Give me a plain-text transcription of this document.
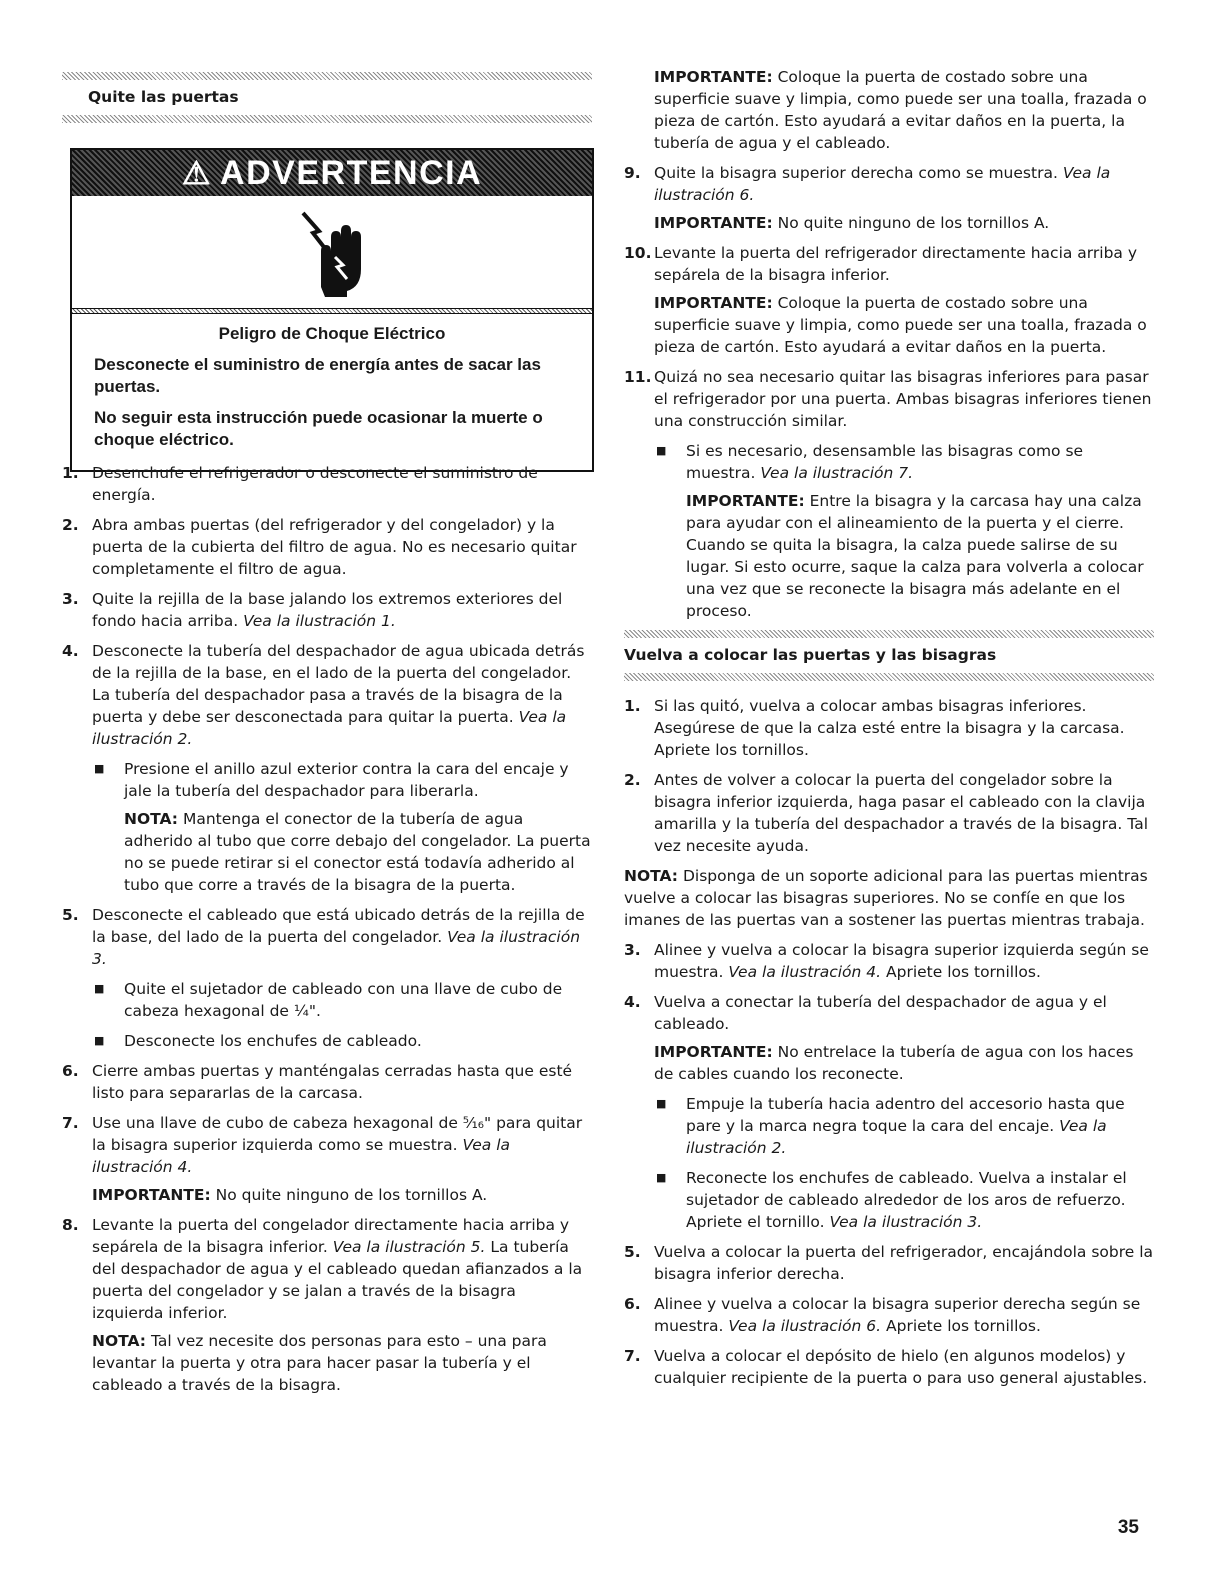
Quite las puertas
⚠ ADVERTENCIA
Peligro de Choque Eléctrico

Desconecte el suministro de energía antes de sacar las puertas.

No seguir esta instrucción puede ocasionar la muerte o choque eléctrico.

1. Desenchufe el refrigerador o desconecte el suministro de energía.
2. Abra ambas puertas (del refrigerador y del congelador) y la puerta de la cubierta del filtro de agua. No es necesario quitar completamente el filtro de agua.
3. Quite la rejilla de la base jalando los extremos exteriores del fondo hacia arriba. Vea la ilustración 1.
4. Desconecte la tubería del despachador de agua ubicada detrás de la rejilla de la base, en el lado de la puerta del congelador. La tubería del despachador pasa a través de la bisagra de la puerta y debe ser desconectada para quitar la puerta. Vea la ilustración 2.
■ Presione el anillo azul exterior contra la cara del encaje y jale la tubería del despachador para liberarla.
NOTA: Mantenga el conector de la tubería de agua adherido al tubo que corre debajo del congelador. La puerta no se puede retirar si el conector está todavía adherido al tubo que corre a través de la bisagra de la puerta.
5. Desconecte el cableado que está ubicado detrás de la rejilla de la base, del lado de la puerta del congelador. Vea la ilustración 3.
■ Quite el sujetador de cableado con una llave de cubo de cabeza hexagonal de ¼".
■ Desconecte los enchufes de cableado.
6. Cierre ambas puertas y manténgalas cerradas hasta que esté listo para separarlas de la carcasa.
7. Use una llave de cubo de cabeza hexagonal de ⁵⁄₁₆" para quitar la bisagra superior izquierda como se muestra. Vea la ilustración 4.
IMPORTANTE: No quite ninguno de los tornillos A.
8. Levante la puerta del congelador directamente hacia arriba y sepárela de la bisagra inferior. Vea la ilustración 5. La tubería del despachador de agua y el cableado quedan afianzados a la puerta del congelador y se jalan a través de la bisagra izquierda inferior.
NOTA: Tal vez necesite dos personas para esto – una para levantar la puerta y otra para hacer pasar la tubería y el cableado a través de la bisagra.
IMPORTANTE: Coloque la puerta de costado sobre una superficie suave y limpia, como puede ser una toalla, frazada o pieza de cartón. Esto ayudará a evitar daños en la puerta, la tubería de agua y el cableado.
9. Quite la bisagra superior derecha como se muestra. Vea la ilustración 6.
IMPORTANTE: No quite ninguno de los tornillos A.
10. Levante la puerta del refrigerador directamente hacia arriba y sepárela de la bisagra inferior.
IMPORTANTE: Coloque la puerta de costado sobre una superficie suave y limpia, como puede ser una toalla, frazada o pieza de cartón. Esto ayudará a evitar daños en la puerta.
11. Quizá no sea necesario quitar las bisagras inferiores para pasar el refrigerador por una puerta. Ambas bisagras inferiores tienen una construcción similar.
■ Si es necesario, desensamble las bisagras como se muestra. Vea la ilustración 7.
IMPORTANTE: Entre la bisagra y la carcasa hay una calza para ayudar con el alineamiento de la puerta y el cierre. Cuando se quita la bisagra, la calza puede salirse de su lugar. Si esto ocurre, saque la calza para volverla a colocar una vez que se reconecte la bisagra más adelante en el proceso.
Vuelva a colocar las puertas y las bisagras
1. Si las quitó, vuelva a colocar ambas bisagras inferiores. Asegúrese de que la calza esté entre la bisagra y la carcasa. Apriete los tornillos.
2. Antes de volver a colocar la puerta del congelador sobre la bisagra inferior izquierda, haga pasar el cableado con la clavija amarilla y la tubería del despachador a través de la bisagra. Tal vez necesite ayuda.

NOTA: Disponga de un soporte adicional para las puertas mientras vuelve a colocar las bisagras superiores. No se confíe en que los imanes de las puertas van a sostener las puertas mientras trabaja.

3. Alinee y vuelva a colocar la bisagra superior izquierda según se muestra. Vea la ilustración 4. Apriete los tornillos.
4. Vuelva a conectar la tubería del despachador de agua y el cableado.
IMPORTANTE: No entrelace la tubería de agua con los haces de cables cuando los reconecte.
■ Empuje la tubería hacia adentro del accesorio hasta que pare y la marca negra toque la cara del encaje. Vea la ilustración 2.
■ Reconecte los enchufes de cableado. Vuelva a instalar el sujetador de cableado alrededor de los aros de refuerzo. Apriete el tornillo. Vea la ilustración 3.
5. Vuelva a colocar la puerta del refrigerador, encajándola sobre la bisagra inferior derecha.
6. Alinee y vuelva a colocar la bisagra superior derecha según se muestra. Vea la ilustración 6. Apriete los tornillos.
7. Vuelva a colocar el depósito de hielo (en algunos modelos) y cualquier recipiente de la puerta o para uso general ajustables.
35
